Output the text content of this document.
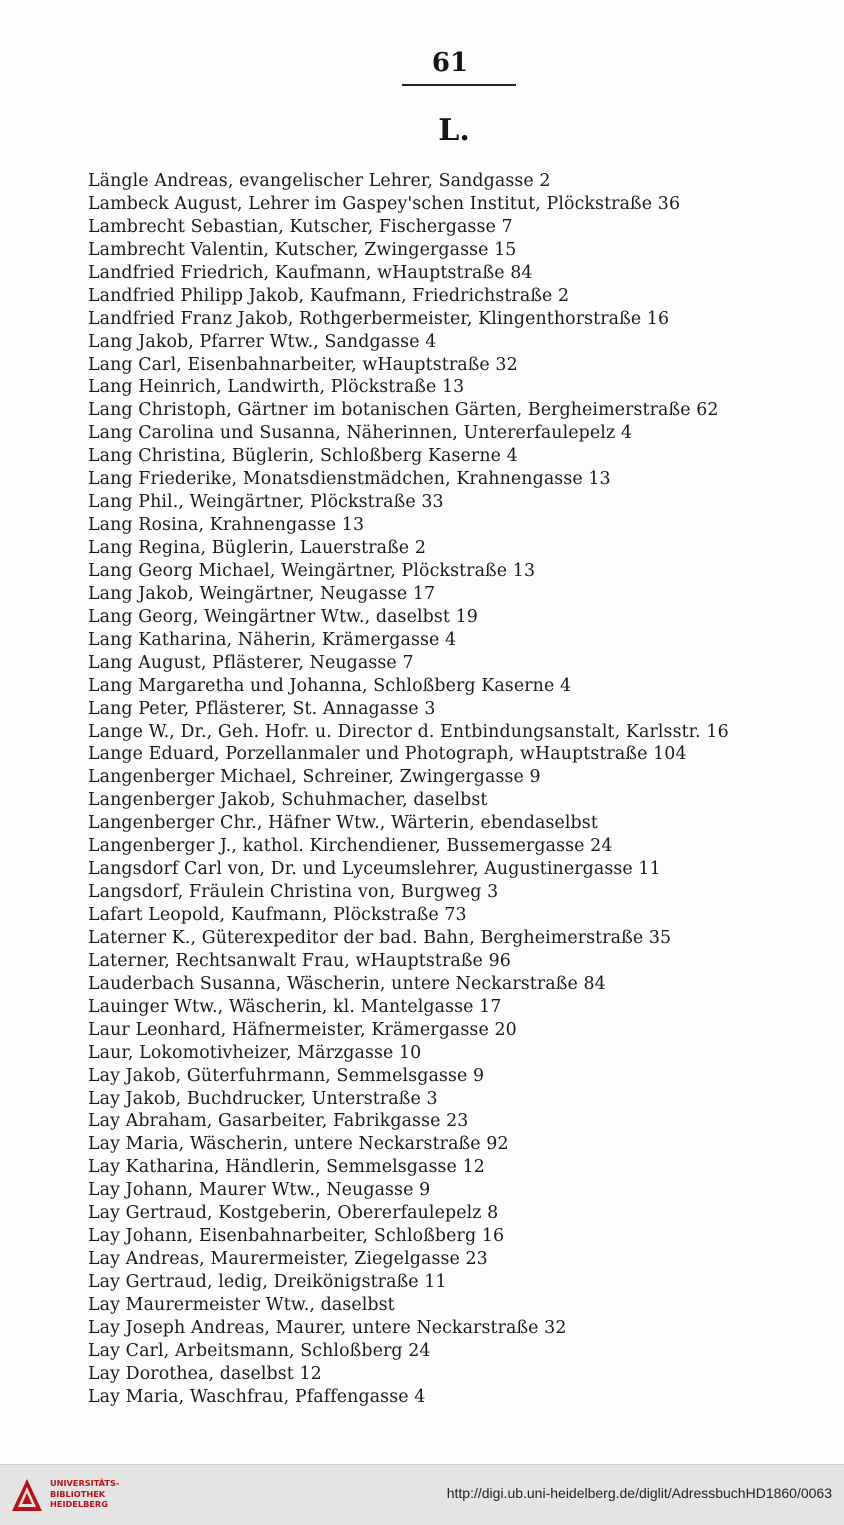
61
L.
Längle Andreas, evangelischer Lehrer, Sandgasse 2
Lambeck August, Lehrer im Gaspey'schen Institut, Plöckstraße 36
Lambrecht Sebastian, Kutscher, Fischergasse 7
Lambrecht Valentin, Kutscher, Zwingergasse 15
Landfried Friedrich, Kaufmann, wHauptstraße 84
Landfried Philipp Jakob, Kaufmann, Friedrichstraße 2
Landfried Franz Jakob, Rothgerbermeister, Klingenthorstraße 16
Lang Jakob, Pfarrer Wtw., Sandgasse 4
Lang Carl, Eisenbahnarbeiter, wHauptstraße 32
Lang Heinrich, Landwirth, Plöckstraße 13
Lang Christoph, Gärtner im botanischen Gärten, Bergheimerstraße 62
Lang Carolina und Susanna, Näherinnen, Untererfaulepelz 4
Lang Christina, Büglerin, Schloßberg Kaserne 4
Lang Friederike, Monatsdienstmädchen, Krahnengasse 13
Lang Phil., Weingärtner, Plöckstraße 33
Lang Rosina, Krahnengasse 13
Lang Regina, Büglerin, Lauerstraße 2
Lang Georg Michael, Weingärtner, Plöckstraße 13
Lang Jakob, Weingärtner, Neugasse 17
Lang Georg, Weingärtner Wtw., daselbst 19
Lang Katharina, Näherin, Krämergasse 4
Lang August, Pflästerer, Neugasse 7
Lang Margaretha und Johanna, Schloßberg Kaserne 4
Lang Peter, Pflästerer, St. Annagasse 3
Lange W., Dr., Geh. Hofr. u. Director d. Entbindungsanstalt, Karlsstr. 16
Lange Eduard, Porzellanmaler und Photograph, wHauptstraße 104
Langenberger Michael, Schreiner, Zwingergasse 9
Langenberger Jakob, Schuhmacher, daselbst
Langenberger Chr., Häfner Wtw., Wärterin, ebendaselbst
Langenberger J., kathol. Kirchendiener, Bussemergasse 24
Langsdorf Carl von, Dr. und Lyceumslehrer, Augustinergasse 11
Langsdorf, Fräulein Christina von, Burgweg 3
Lafart Leopold, Kaufmann, Plöckstraße 73
Laterner K., Güterexpeditor der bad. Bahn, Bergheimerstraße 35
Laterner, Rechtsanwalt Frau, wHauptstraße 96
Lauderbach Susanna, Wäscherin, untere Neckarstraße 84
Lauinger Wtw., Wäscherin, kl. Mantelgasse 17
Laur Leonhard, Häfnermeister, Krämergasse 20
Laur, Lokomotivheizer, Märzgasse 10
Lay Jakob, Güterfuhrmann, Semmelsgasse 9
Lay Jakob, Buchdrucker, Unterstraße 3
Lay Abraham, Gasarbeiter, Fabrikgasse 23
Lay Maria, Wäscherin, untere Neckarstraße 92
Lay Katharina, Händlerin, Semmelsgasse 12
Lay Johann, Maurer Wtw., Neugasse 9
Lay Gertraud, Kostgeberin, Obererfaulepelz 8
Lay Johann, Eisenbahnarbeiter, Schloßberg 16
Lay Andreas, Maurermeister, Ziegelgasse 23
Lay Gertraud, ledig, Dreikönigstraße 11
Lay Maurermeister Wtw., daselbst
Lay Joseph Andreas, Maurer, untere Neckarstraße 32
Lay Carl, Arbeitsmann, Schloßberg 24
Lay Dorothea, daselbst 12
Lay Maria, Waschfrau, Pfaffengasse 4
UNIVERSITÄTS-
BIBLIOTHEK
HEIDELBERG
http://digi.ub.uni-heidelberg.de/diglit/AdressbuchHD1860/0063
